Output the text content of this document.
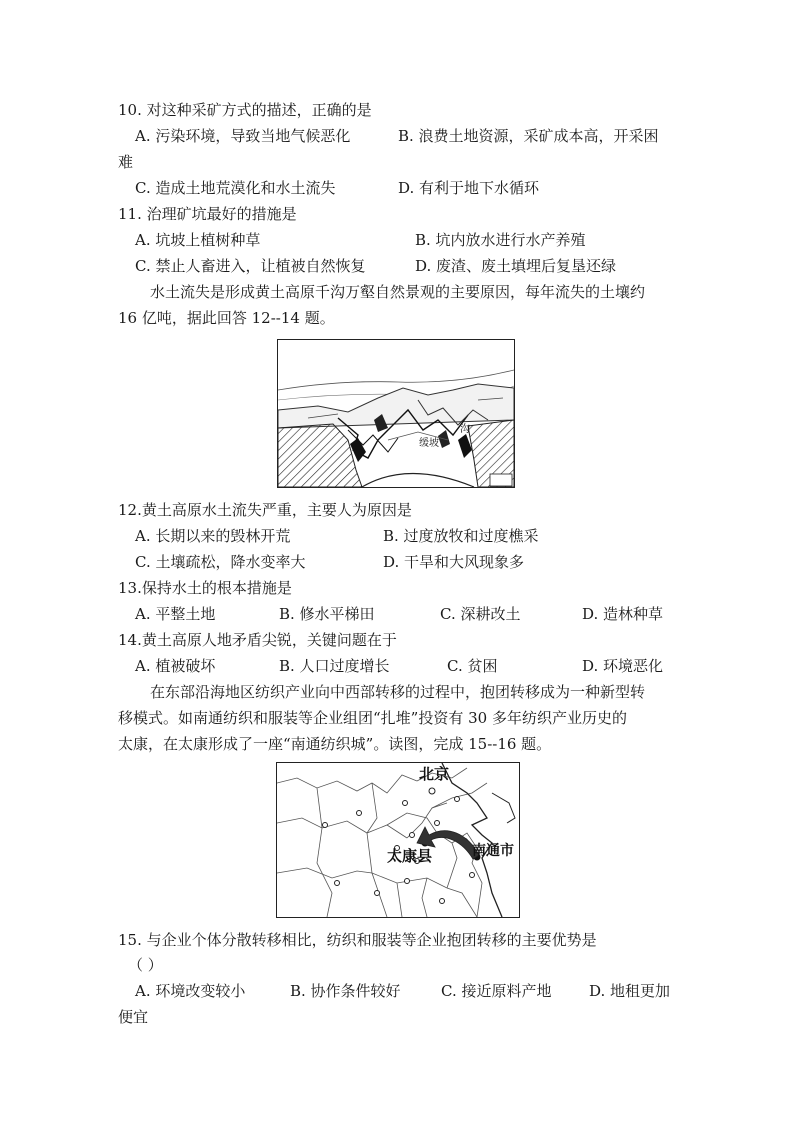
10. 对这种采矿方式的描述，正确的是
A. 污染环境，导致当地气候恶化	B. 浪费土地资源，采矿成本高，开采困
难
C. 造成土地荒漠化和水土流失	D. 有利于地下水循环
11. 治理矿坑最好的措施是
A. 坑坡上植树种草	B. 坑内放水进行水产养殖
C. 禁止人畜进入，让植被自然恢复	D. 废渣、废土填埋后复垦还绿
水土流失是形成黄土高原千沟万壑自然景观的主要原因，每年流失的土壤约
16 亿吨，据此回答 12--14 题。
缓坡
沟
12.黄土高原水土流失严重，主要人为原因是
A. 长期以来的毁林开荒	B. 过度放牧和过度樵采
C. 土壤疏松，降水变率大	D. 干旱和大风现象多
13.保持水土的根本措施是
A. 平整土地	B. 修水平梯田	C. 深耕改土	D. 造林种草
14.黄土高原人地矛盾尖锐，关键问题在于
A. 植被破坏	B. 人口过度增长	C. 贫困	D. 环境恶化
在东部沿海地区纺织产业向中西部转移的过程中，抱团转移成为一种新型转
移模式。如南通纺织和服装等企业组团“扎堆”投资有 30 多年纺织产业历史的
太康，在太康形成了一座“南通纺织城”。读图，完成 15--16 题。
北京
太康县	南通市
15. 与企业个体分散转移相比，纺织和服装等企业抱团转移的主要优势是
（ ）
A. 环境改变较小	B. 协作条件较好	C. 接近原料产地	D. 地租更加
便宜
